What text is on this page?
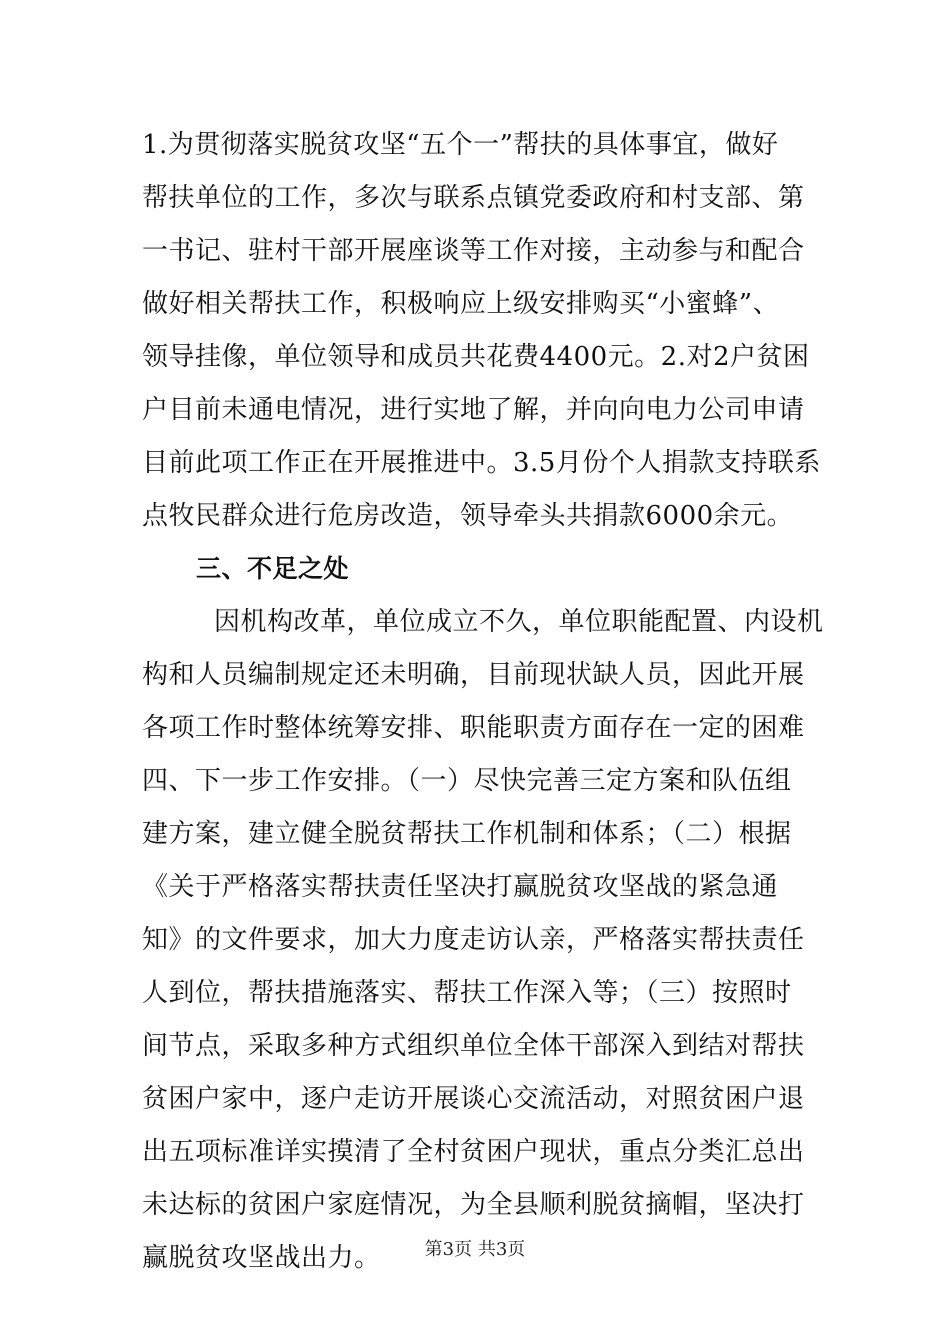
1.为贯彻落实脱贫攻坚“五个一”帮扶的具体事宜，做好
帮扶单位的工作，多次与联系点镇党委政府和村支部、第
一书记、驻村干部开展座谈等工作对接，主动参与和配合
做好相关帮扶工作，积极响应上级安排购买“小蜜蜂”、
领导挂像，单位领导和成员共花费4400元。2.对2户贫困
户目前未通电情况，进行实地了解，并向向电力公司申请
目前此项工作正在开展推进中。3.5月份个人捐款支持联系
点牧民群众进行危房改造，领导牵头共捐款6000余元。
三、不足之处
因机构改革，单位成立不久，单位职能配置、内设机
构和人员编制规定还未明确，目前现状缺人员，因此开展
各项工作时整体统筹安排、职能职责方面存在一定的困难
四、下一步工作安排。（一）尽快完善三定方案和队伍组
建方案，建立健全脱贫帮扶工作机制和体系；（二）根据
《关于严格落实帮扶责任坚决打赢脱贫攻坚战的紧急通
知》的文件要求，加大力度走访认亲，严格落实帮扶责任
人到位，帮扶措施落实、帮扶工作深入等；（三）按照时
间节点，采取多种方式组织单位全体干部深入到结对帮扶
贫困户家中，逐户走访开展谈心交流活动，对照贫困户退
出五项标准详实摸清了全村贫困户现状，重点分类汇总出
未达标的贫困户家庭情况，为全县顺利脱贫摘帽，坚决打
赢脱贫攻坚战出力。	第3页 共3页
